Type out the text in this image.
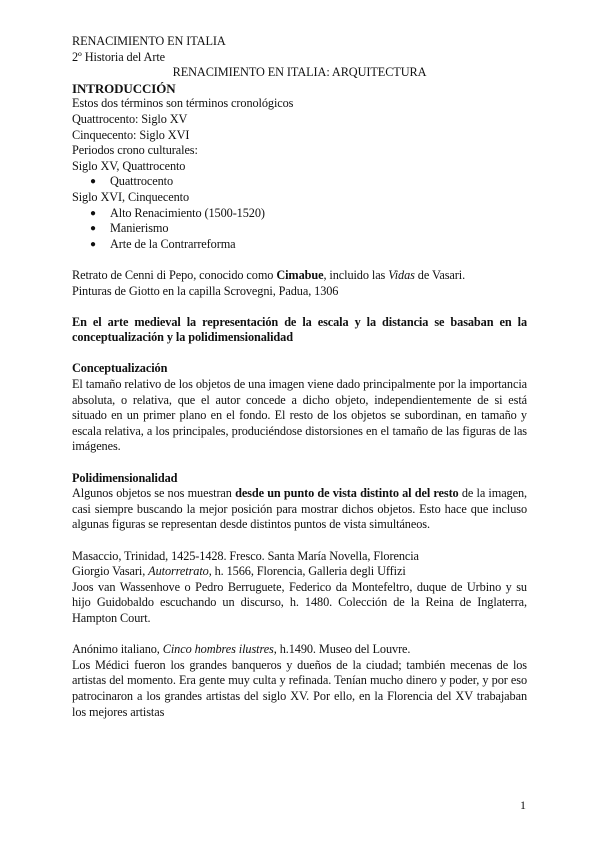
RENACIMIENTO EN ITALIA
2º Historia del Arte
RENACIMIENTO EN ITALIA: ARQUITECTURA
INTRODUCCIÓN
Estos dos términos son términos cronológicos
Quattrocento: Siglo XV
Cinquecento: Siglo XVI
Periodos crono culturales:
Siglo XV, Quattrocento
● Quattrocento
Siglo XVI, Cinquecento
● Alto Renacimiento (1500-1520)
● Manierismo
● Arte de la Contrarreforma
Retrato de Cenni di Pepo, conocido como Cimabue, incluido las Vidas de Vasari.
Pinturas de Giotto en la capilla Scrovegni, Padua, 1306
En el arte medieval la representación de la escala y la distancia se basaban en la conceptualización y la polidimensionalidad
Conceptualización
El tamaño relativo de los objetos de una imagen viene dado principalmente por la importancia absoluta, o relativa, que el autor concede a dicho objeto, independientemente de si está situado en un primer plano en el fondo. El resto de los objetos se subordinan, en tamaño y escala relativa, a los principales, produciéndose distorsiones en el tamaño de las figuras de las imágenes.
Polidimensionalidad
Algunos objetos se nos muestran desde un punto de vista distinto al del resto de la imagen, casi siempre buscando la mejor posición para mostrar dichos objetos. Esto hace que incluso algunas figuras se representan desde distintos puntos de vista simultáneos.
Masaccio, Trinidad, 1425-1428. Fresco. Santa María Novella, Florencia
Giorgio Vasari, Autorretrato, h. 1566, Florencia, Galleria degli Uffizi
Joos van Wassenhove o Pedro Berruguete, Federico da Montefeltro, duque de Urbino y su hijo Guidobaldo escuchando un discurso, h. 1480. Colección de la Reina de Inglaterra, Hampton Court.
Anónimo italiano, Cinco hombres ilustres, h.1490. Museo del Louvre.
Los Médici fueron los grandes banqueros y dueños de la ciudad; también mecenas de los artistas del momento. Era gente muy culta y refinada. Tenían mucho dinero y poder, y por eso patrocinaron a los grandes artistas del siglo XV. Por ello, en la Florencia del XV trabajaban los mejores artistas
1
